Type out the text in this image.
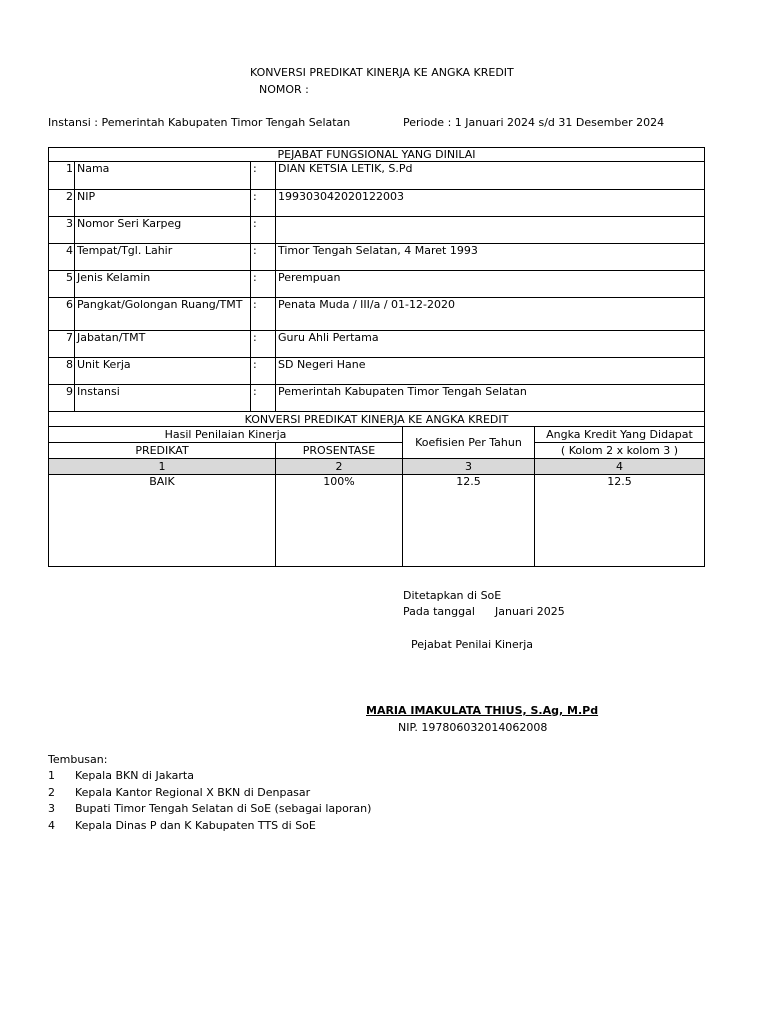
KONVERSI PREDIKAT KINERJA KE ANGKA KREDIT
NOMOR :
Instansi : Pemerintah Kabupaten Timor Tengah Selatan	Periode : 1 Januari 2024 s/d 31 Desember 2024
PEJABAT FUNGSIONAL YANG DINILAI					
1	Nama	:	DIAN KETSIA LETIK, S.Pd		
2	NIP	:	199303042020122003		
3	Nomor Seri Karpeg	:			
4	Tempat/Tgl. Lahir	:	Timor Tengah Selatan, 4 Maret 1993		
5	Jenis Kelamin	:	Perempuan		
6	Pangkat/Golongan Ruang/TMT	:	Penata Muda / III/a / 01-12-2020		
7	Jabatan/TMT	:	Guru Ahli Pertama		
8	Unit Kerja	:	SD Negeri Hane		
9	Instansi	:	Pemerintah Kabupaten Timor Tengah Selatan		
KONVERSI PREDIKAT KINERJA KE ANGKA KREDIT					
Hasil Penilaian Kinerja				Koefisien Per Tahun	Angka Kredit Yang Didapat
PREDIKAT			PROSENTASE		( Kolom 2 x kolom 3 )
1			2	3	4
BAIK			100%	12.5	12.5
Ditetapkan di SoE
Pada tanggal Januari 2025
Pejabat Penilai Kinerja
MARIA IMAKULATA THIUS, S.Ag, M.Pd
NIP. 197806032014062008
Tembusan:
1 Kepala BKN di Jakarta
2 Kepala Kantor Regional X BKN di Denpasar
3 Bupati Timor Tengah Selatan di SoE (sebagai laporan)
4 Kepala Dinas P dan K Kabupaten TTS di SoE
